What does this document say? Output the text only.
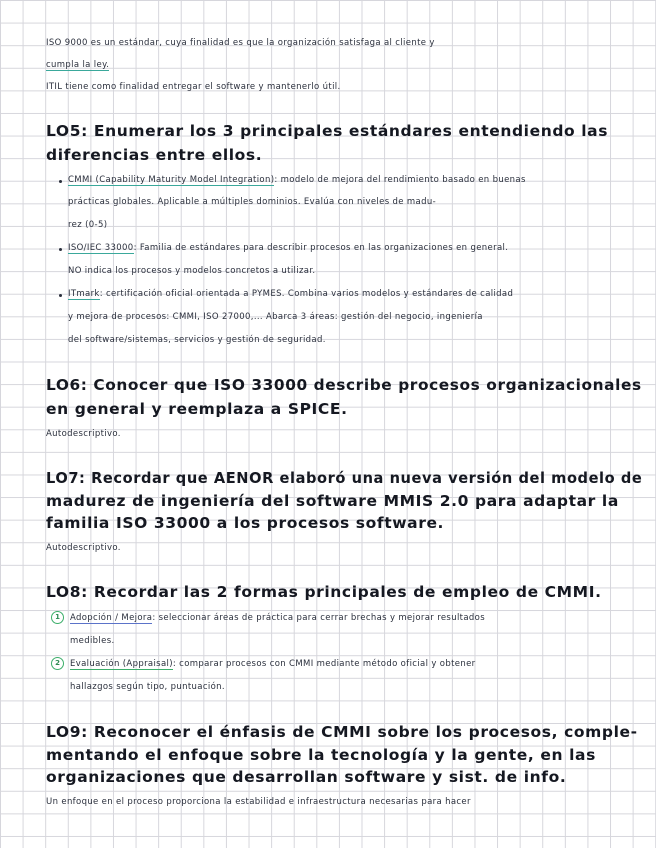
ISO 9000 es un estándar, cuya finalidad es que la organización satisfaga al cliente y
cumpla la ley.
ITIL tiene como finalidad entregar el software y mantenerlo útil.
LO5: Enumerar los 3 principales estándares entendiendo las
diferencias entre ellos.
CMMI (Capability Maturity Model Integration): modelo de mejora del rendimiento basado en buenas
prácticas globales. Aplicable a múltiples dominios. Evalúa con niveles de madu-
rez (0-5)
ISO/IEC 33000: Familia de estándares para describir procesos en las organizaciones en general.
NO indica los procesos y modelos concretos a utilizar.
ITmark: certificación oficial orientada a PYMES. Combina varios modelos y estándares de calidad
y mejora de procesos: CMMI, ISO 27000,... Abarca 3 áreas: gestión del negocio, ingeniería
del software/sistemas, servicios y gestión de seguridad.
LO6: Conocer que ISO 33000 describe procesos organizacionales
en general y reemplaza a SPICE.
Autodescriptivo.
LO7: Recordar que AENOR elaboró una nueva versión del modelo de
madurez de ingeniería del software MMIS 2.0 para adaptar la
familia ISO 33000 a los procesos software.
Autodescriptivo.
LO8: Recordar las 2 formas principales de empleo de CMMI.
1	Adopción / Mejora: seleccionar áreas de práctica para cerrar brechas y mejorar resultados
medibles.
2	Evaluación (Appraisal): comparar procesos con CMMI mediante método oficial y obtener
hallazgos según tipo, puntuación.
LO9: Reconocer el énfasis de CMMI sobre los procesos, comple-
mentando el enfoque sobre la tecnología y la gente, en las
organizaciones que desarrollan software y sist. de info.
Un enfoque en el proceso proporciona la estabilidad e infraestructura necesarias para hacer
